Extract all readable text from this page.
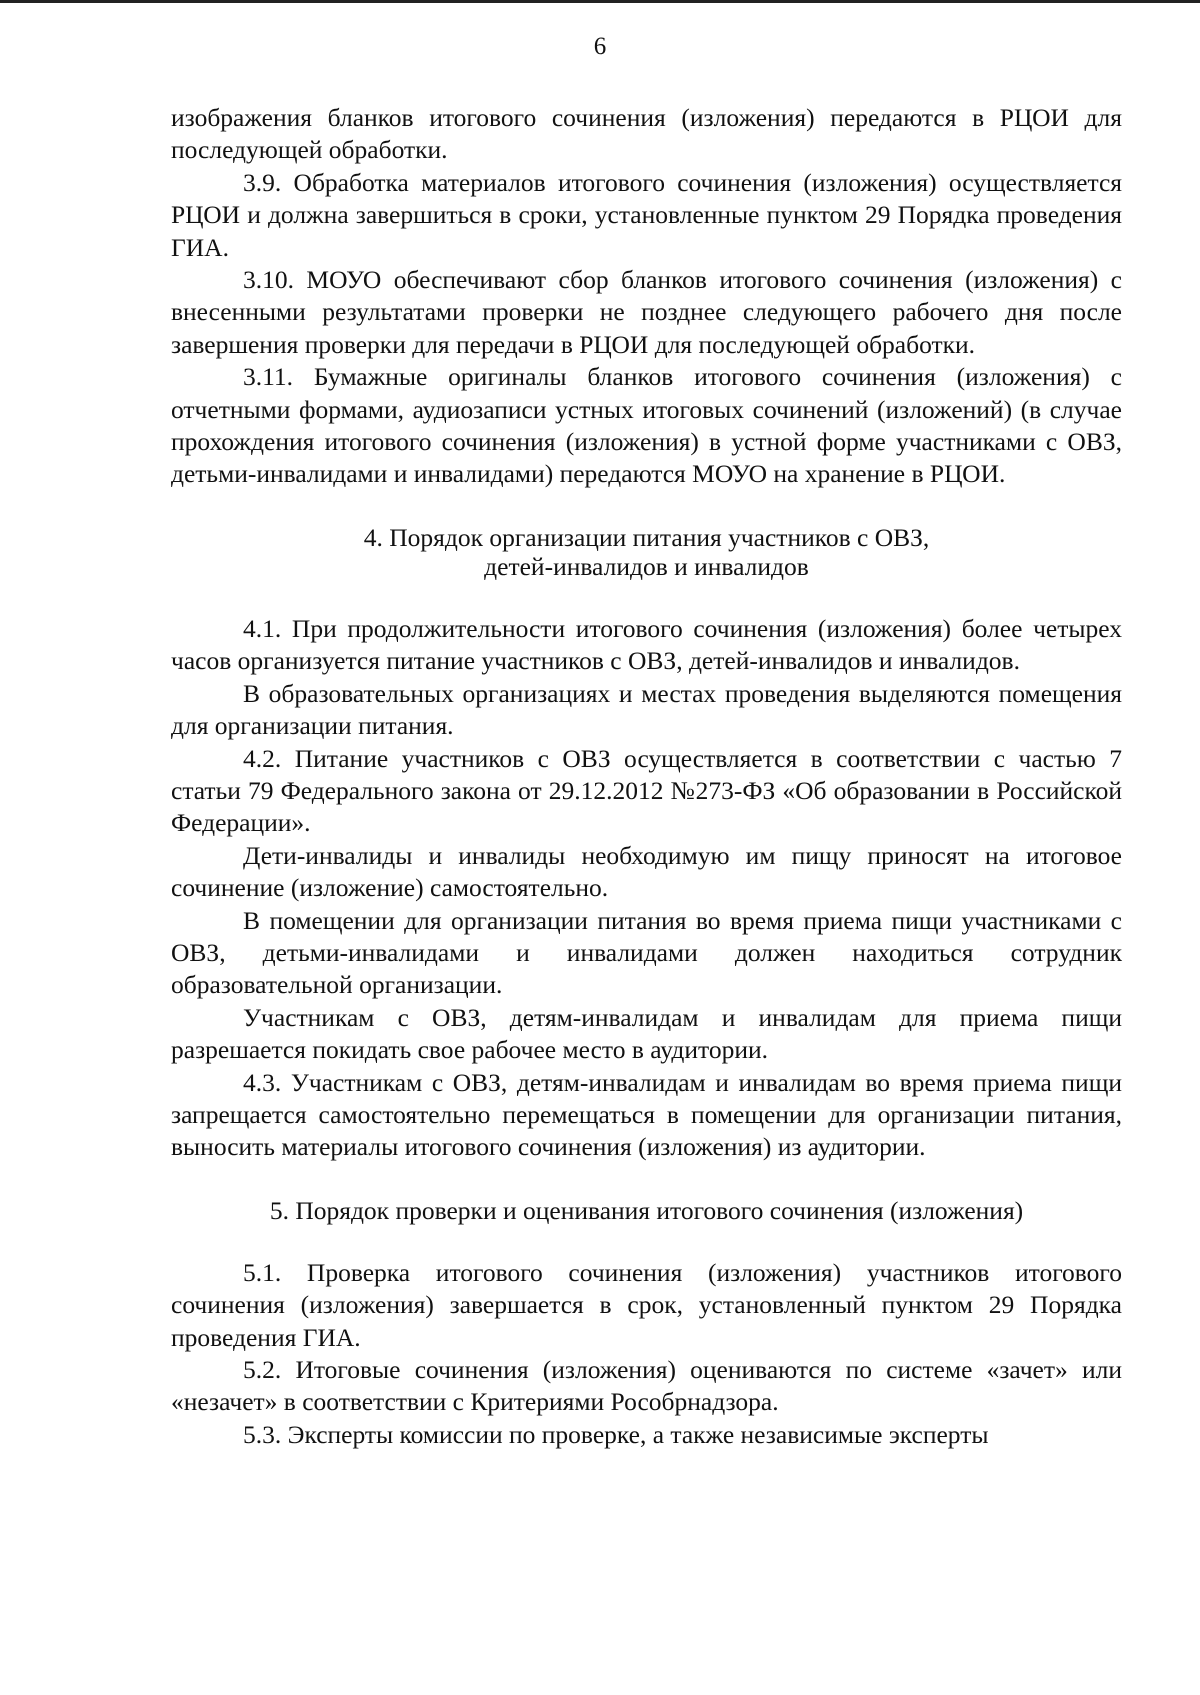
6

изображения бланков итогового сочинения (изложения) передаются в РЦОИ для последующей обработки.

3.9. Обработка материалов итогового сочинения (изложения) осуществляется РЦОИ и должна завершиться в сроки, установленные пунктом 29 Порядка проведения ГИА.

3.10. МОУО обеспечивают сбор бланков итогового сочинения (изложения) с внесенными результатами проверки не позднее следующего рабочего дня после завершения проверки для передачи в РЦОИ для последующей обработки.

3.11. Бумажные оригиналы бланков итогового сочинения (изложения) с отчетными формами, аудиозаписи устных итоговых сочинений (изложений) (в случае прохождения итогового сочинения (изложения) в устной форме участниками с ОВЗ, детьми-инвалидами и инвалидами) передаются МОУО на хранение в РЦОИ.

4. Порядок организации питания участников с ОВЗ,
детей-инвалидов и инвалидов

4.1. При продолжительности итогового сочинения (изложения) более четырех часов организуется питание участников с ОВЗ, детей-инвалидов и инвалидов.

В образовательных организациях и местах проведения выделяются помещения для организации питания.

4.2. Питание участников с ОВЗ осуществляется в соответствии с частью 7 статьи 79 Федерального закона от 29.12.2012 №273-ФЗ «Об образовании в Российской Федерации».

Дети-инвалиды и инвалиды необходимую им пищу приносят на итоговое сочинение (изложение) самостоятельно.

В помещении для организации питания во время приема пищи участниками с ОВЗ, детьми-инвалидами и инвалидами должен находиться сотрудник образовательной организации.

Участникам с ОВЗ, детям-инвалидам и инвалидам для приема пищи разрешается покидать свое рабочее место в аудитории.

4.3. Участникам с ОВЗ, детям-инвалидам и инвалидам во время приема пищи запрещается самостоятельно перемещаться в помещении для организации питания, выносить материалы итогового сочинения (изложения) из аудитории.

5. Порядок проверки и оценивания итогового сочинения (изложения)

5.1. Проверка итогового сочинения (изложения) участников итогового сочинения (изложения) завершается в срок, установленный пунктом 29 Порядка проведения ГИА.

5.2. Итоговые сочинения (изложения) оцениваются по системе «зачет» или «незачет» в соответствии с Критериями Рособрнадзора.

5.3. Эксперты комиссии по проверке, а также независимые эксперты
